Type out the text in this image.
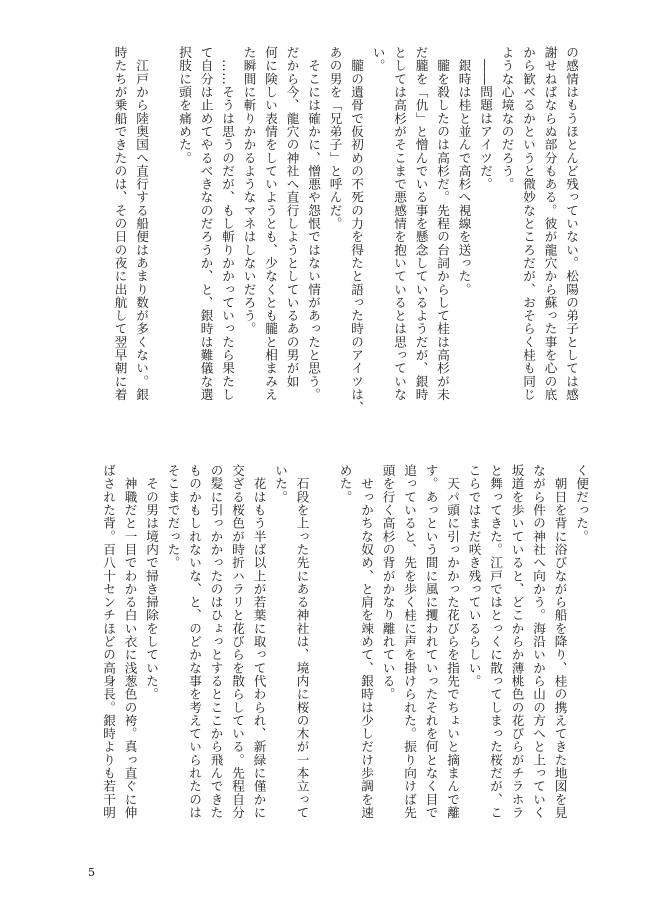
の感情はもうほとんど残っていない。松陽の弟子としては感
謝せねばならぬ部分もある。彼が龍穴から蘇った事を心の底
から歓べるかというと微妙なところだが、おそらく桂も同じ
ような心境なのだろう。
　――問題はアイツだ。
　銀時は桂と並んで高杉へ視線を送った。
　朧を殺したのは高杉だ。先程の台詞からして桂は高杉が未
だ朧を「仇」と憎んでいる事を懸念しているようだが、銀時
としては高杉がそこまで悪感情を抱いているとは思っていな
い。
　朧の遺骨で仮初めの不死の力を得たと語った時のアイツは、
あの男を「兄弟子」と呼んだ。
　そこには確かに、憎悪や怨恨ではない情があったと思う。
だから今、龍穴の神社へ直行しようとしているあの男が如
何に険しい表情をしていようとも、少なくとも朧と相まみえ
た瞬間に斬りかかるようなマネはしないだろう。
　……そうは思うのだが、もし斬りかかっていったら果たし
て自分は止めてやるべきなのだろうか、と、銀時は難儀な選
択肢に頭を痛めた。

　江戸から陸奥国へ直行する船便はあまり数が多くない。銀
時たちが乗船できたのは、その日の夜に出航して翌早朝に着
く便だった。
　朝日を背に浴びながら船を降り、桂の携えてきた地図を見
ながら件の神社へ向かう。海沿いから山の方へと上っていく
坂道を歩いていると、どこからか薄桃色の花びらがチラホラ
と舞ってきた。江戸ではとっくに散ってしまった桜だが、こ
こらではまだ咲き残っているらしい。
　天パ頭に引っかかった花びらを指先でちょいと摘まんで離
す。あっという間に風に攫われていったそれを何となく目で
追っていると、先を歩く桂に声を掛けられた。振り向けば先
頭を行く高杉の背がかなり離れている。
　せっかちな奴め、と肩を竦めて、銀時は少しだけ歩調を速
めた。

　石段を上った先にある神社は、境内に桜の木が一本立って
いた。
　花はもう半ば以上が若葉に取って代わられ、新緑に僅かに
交ざる桜色が時折ハラリと花びらを散らしている。先程自分
の髪に引っかかったのはひょっとするとここから飛んできた
ものかもしれないな、と、のどかな事を考えていられたのは
そこまでだった。
　その男は境内で掃き掃除をしていた。
　神職だと一目でわかる白い衣に浅葱色の袴。真っ直ぐに伸
ばされた背。百八十センチほどの高身長。銀時よりも若干明
5
